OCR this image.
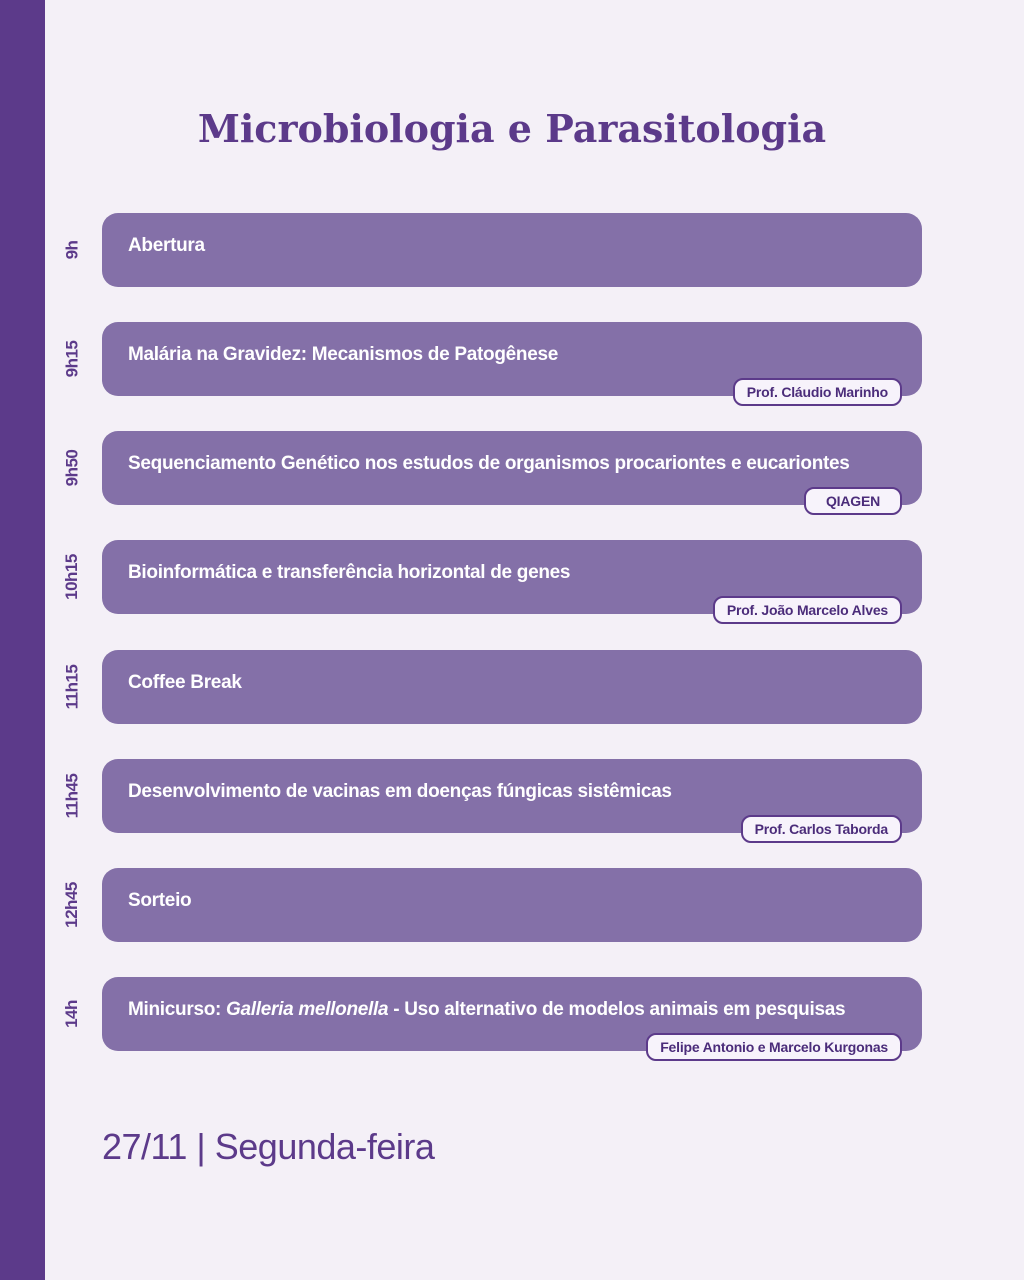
Microbiologia e Parasitologia
9h Abertura
9h15 Malária na Gravidez: Mecanismos de Patogênese
Prof. Cláudio Marinho
9h50 Sequenciamento Genético nos estudos de organismos procariontes e eucariontes
QIAGEN
10h15 Bioinformática e transferência horizontal de genes
Prof. João Marcelo Alves
11h15 Coffee Break
11h45 Desenvolvimento de vacinas em doenças fúngicas sistêmicas
Prof. Carlos Taborda
12h45 Sorteio
14h Minicurso: Galleria mellonella - Uso alternativo de modelos animais em pesquisas
Felipe Antonio e Marcelo Kurgonas
27/11 | Segunda-feira
